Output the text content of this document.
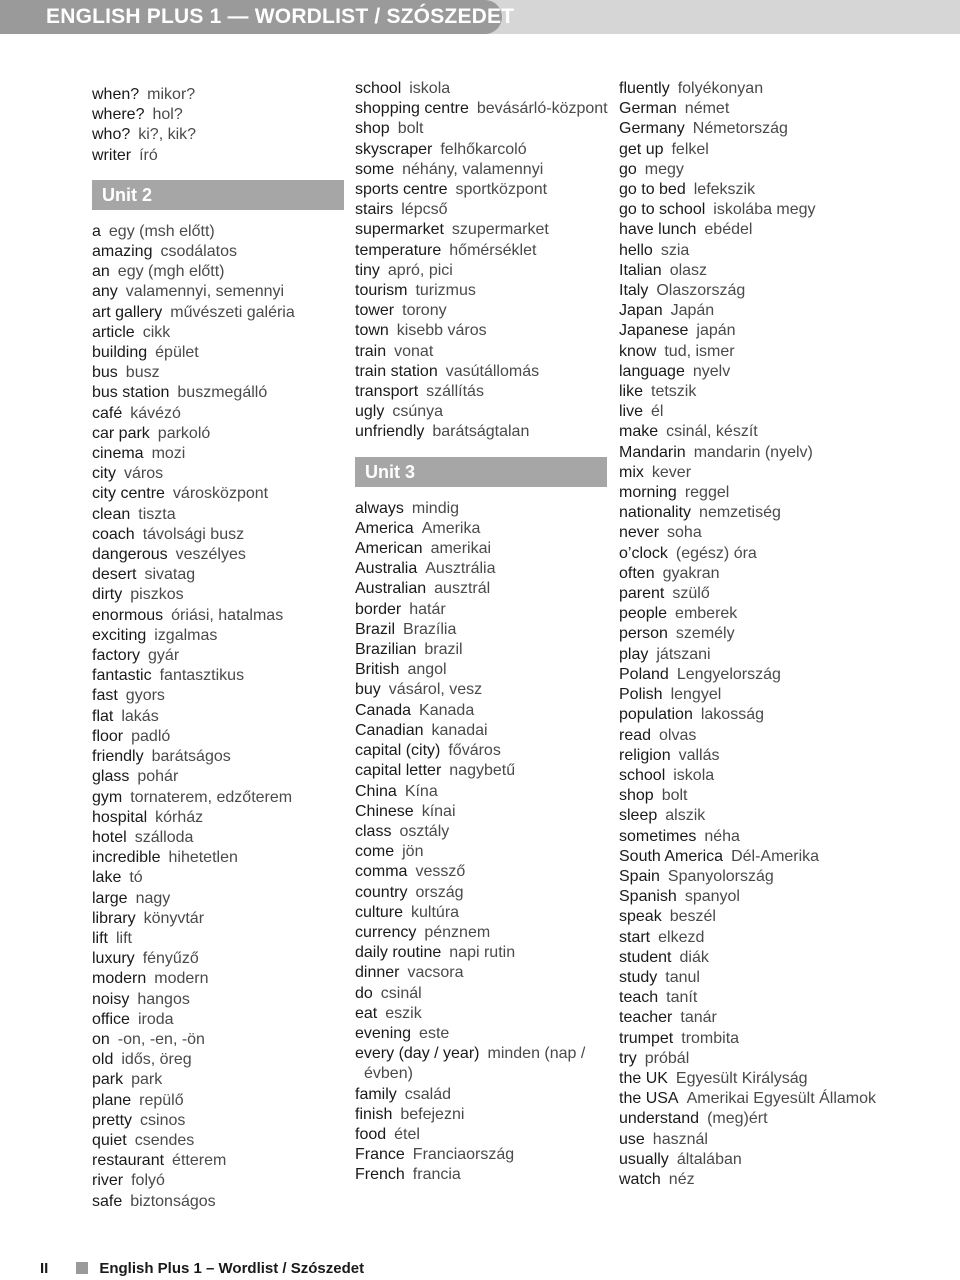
ENGLISH PLUS 1 — WORDLIST / SZÓSZEDET
when? mikor?
where? hol?
who? ki?, kik?
writer író
Unit 2
a egy (msh előtt)
amazing csodálatos
an egy (mgh előtt)
any valamennyi, semennyi
art gallery művészeti galéria
article cikk
building épület
bus busz
bus station buszmegálló
café kávézó
car park parkoló
cinema mozi
city város
city centre városközpont
clean tiszta
coach távolsági busz
dangerous veszélyes
desert sivatag
dirty piszkos
enormous óriási, hatalmas
exciting izgalmas
factory gyár
fantastic fantasztikus
fast gyors
flat lakás
floor padló
friendly barátságos
glass pohár
gym tornaterem, edzőterem
hospital kórház
hotel szálloda
incredible hihetetlen
lake tó
large nagy
library könyvtár
lift lift
luxury fényűző
modern modern
noisy hangos
office iroda
on -on, -en, -ön
old idős, öreg
park park
plane repülő
pretty csinos
quiet csendes
restaurant étterem
river folyó
safe biztonságos
school iskola
shopping centre bevásárló-központ
shop bolt
skyscraper felhőkarcoló
some néhány, valamennyi
sports centre sportközpont
stairs lépcső
supermarket szupermarket
temperature hőmérséklet
tiny apró, pici
tourism turizmus
tower torony
town kisebb város
train vonat
train station vasútállomás
transport szállítás
ugly csúnya
unfriendly barátságtalan
Unit 3
always mindig
America Amerika
American amerikai
Australia Ausztrália
Australian ausztrál
border határ
Brazil Brazília
Brazilian brazil
British angol
buy vásárol, vesz
Canada Kanada
Canadian kanadai
capital (city) főváros
capital letter nagybetű
China Kína
Chinese kínai
class osztály
come jön
comma vessző
country ország
culture kultúra
currency pénznem
daily routine napi rutin
dinner vacsora
do csinál
eat eszik
evening este
every (day / year) minden (nap / évben)
family család
finish befejezni
food étel
France Franciaország
French francia
fluently folyékonyan
German német
Germany Németország
get up felkel
go megy
go to bed lefekszik
go to school iskolába megy
have lunch ebédel
hello szia
Italian olasz
Italy Olaszország
Japan Japán
Japanese japán
know tud, ismer
language nyelv
like tetszik
live él
make csinál, készít
Mandarin mandarin (nyelv)
mix kever
morning reggel
nationality nemzetiség
never soha
o’clock (egész) óra
often gyakran
parent szülő
people emberek
person személy
play játszani
Poland Lengyelország
Polish lengyel
population lakosság
read olvas
religion vallás
school iskola
shop bolt
sleep alszik
sometimes néha
South America Dél-Amerika
Spain Spanyolország
Spanish spanyol
speak beszél
start elkezd
student diák
study tanul
teach tanít
teacher tanár
trumpet trombita
try próbál
the UK Egyesült Királyság
the USA Amerikai Egyesült Államok
understand (meg)ért
use használ
usually általában
watch néz
II	English Plus 1 – Wordlist / Szószedet
